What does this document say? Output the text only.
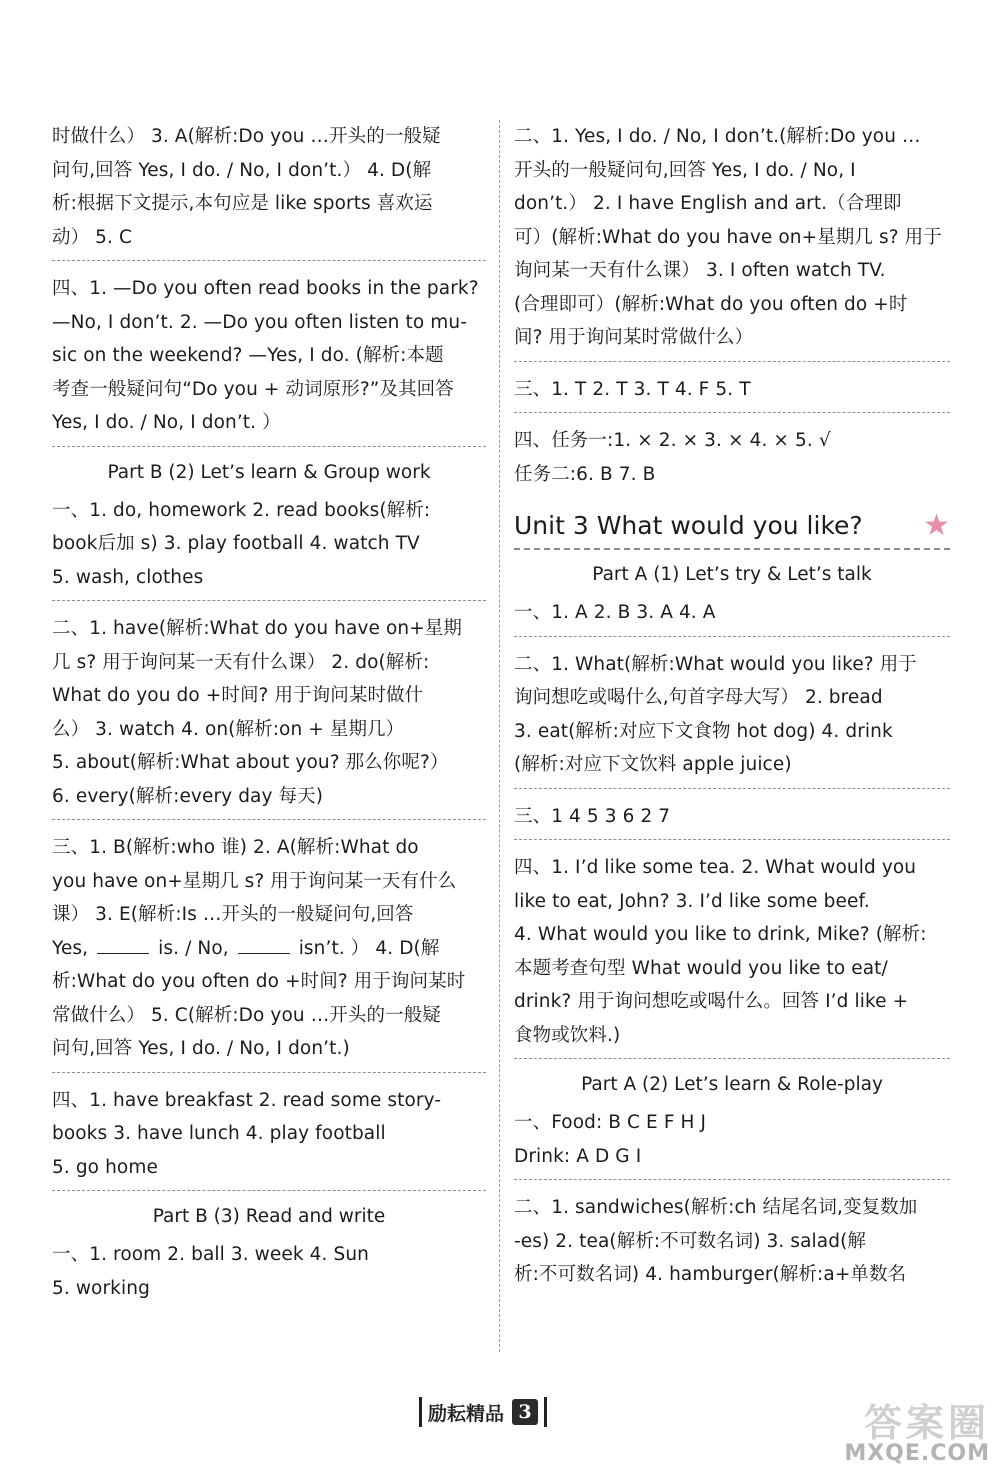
时做什么） 3. A(解析:Do you …开头的一般疑

问句,回答 Yes, I do. / No, I don’t.） 4. D(解

析:根据下文提示,本句应是 like sports 喜欢运

动） 5. C

四、1. —Do you often read books in the park?

—No, I don’t. 2. —Do you often listen to mu-

sic on the weekend? —Yes, I do. (解析:本题

考查一般疑问句“Do you + 动词原形?”及其回答

Yes, I do. / No, I don’t. ）

Part B (2) Let’s learn & Group work

一、1. do, homework 2. read books(解析:

book后加 s) 3. play football 4. watch TV

5. wash, clothes

二、1. have(解析:What do you have on+星期

几 s? 用于询问某一天有什么课） 2. do(解析:

What do you do +时间? 用于询问某时做什

么） 3. watch 4. on(解析:on + 星期几）

5. about(解析:What about you? 那么你呢?）

6. every(解析:every day 每天)

三、1. B(解析:who 谁) 2. A(解析:What do

you have on+星期几 s? 用于询问某一天有什么

课） 3. E(解析:Is …开头的一般疑问句,回答

Yes,	is. / No,	isn’t. ） 4. D(解

析:What do you often do +时间? 用于询问某时

常做什么） 5. C(解析:Do you …开头的一般疑

问句,回答 Yes, I do. / No, I don’t.)

四、1. have breakfast 2. read some story-

books 3. have lunch 4. play football

5. go home

Part B (3) Read and write

一、1. room 2. ball 3. week 4. Sun

5. working

二、1. Yes, I do. / No, I don’t.(解析:Do you …

开头的一般疑问句,回答 Yes, I do. / No, I

don’t.） 2. I have English and art.（合理即

可）(解析:What do you have on+星期几 s? 用于

询问某一天有什么课） 3. I often watch TV.

(合理即可）(解析:What do you often do +时

间? 用于询问某时常做什么）

三、1. T 2. T 3. T 4. F 5. T

四、任务一:1. × 2. × 3. × 4. × 5. √

任务二:6. B 7. B

Unit 3 What would you like? ★
Part A (1) Let’s try & Let’s talk

一、1. A 2. B 3. A 4. A

二、1. What(解析:What would you like? 用于

询问想吃或喝什么,句首字母大写） 2. bread

3. eat(解析:对应下文食物 hot dog) 4. drink

(解析:对应下文饮料 apple juice)

三、1 4 5 3 6 2 7

四、1. I’d like some tea. 2. What would you

like to eat, John? 3. I’d like some beef.

4. What would you like to drink, Mike? (解析:

本题考查句型 What would you like to eat/

drink? 用于询问想吃或喝什么。回答 I’d like +

食物或饮料.)

Part A (2) Let’s learn & Role-play

一、Food: B C E F H J

Drink: A D G I

二、1. sandwiches(解析:ch 结尾名词,变复数加

-es) 2. tea(解析:不可数名词) 3. salad(解

析:不可数名词) 4. hamburger(解析:a+单数名

励耘精品 3	答案圈
MXQE.COM
